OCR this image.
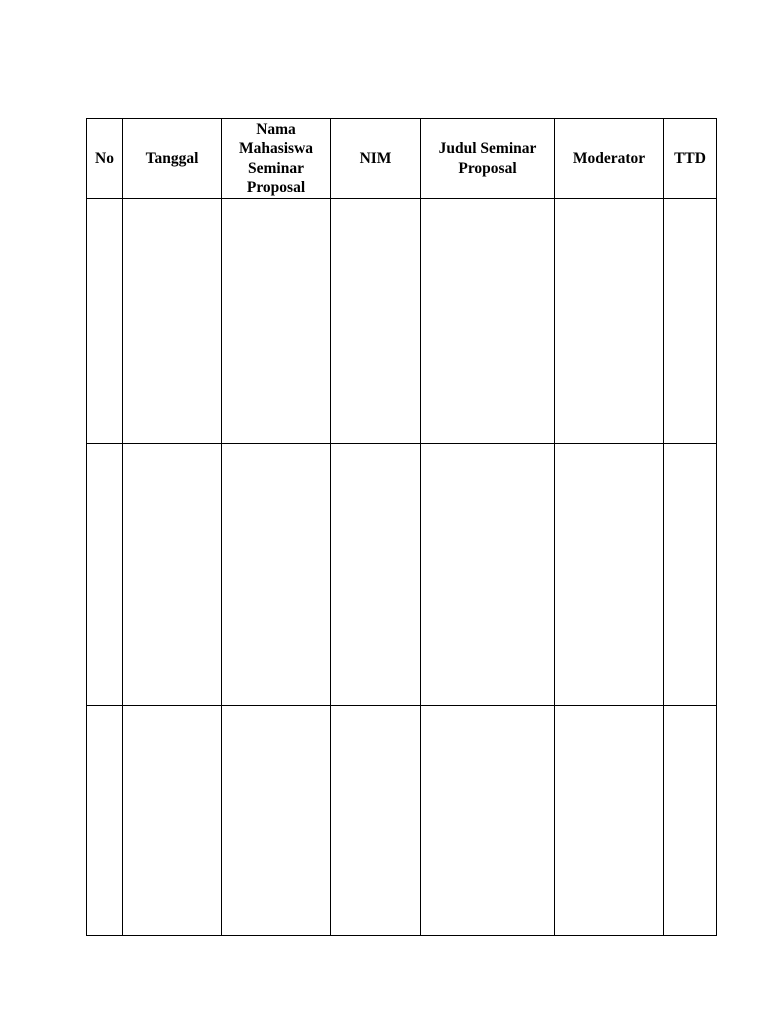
No	Tanggal	Nama Mahasiswa Seminar Proposal	NIM	Judul Seminar Proposal	Moderator	TTD
